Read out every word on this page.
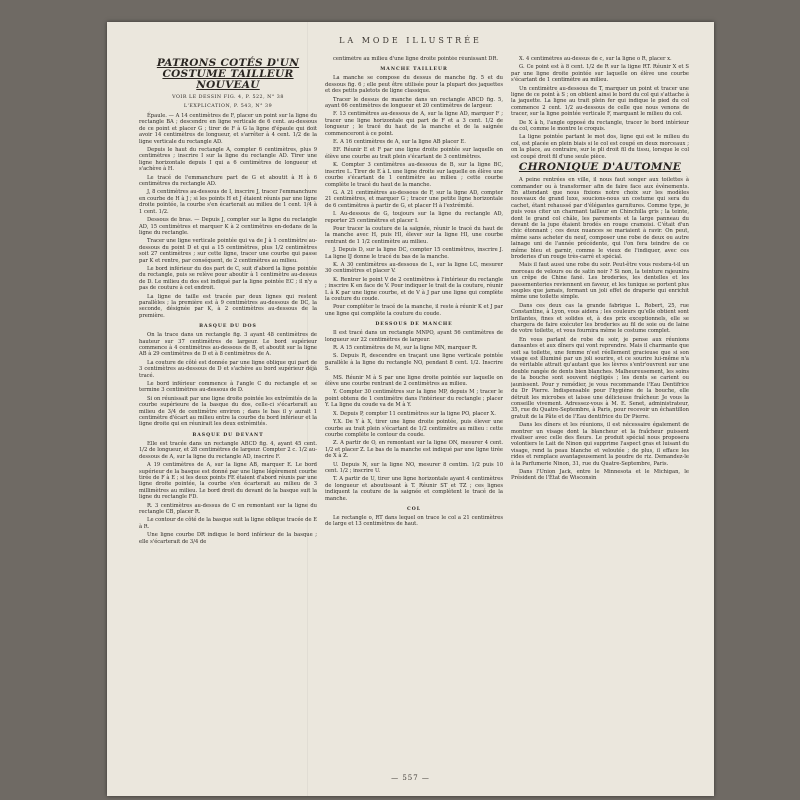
LA MODE ILLUSTRÉE
PATRONS COTÉS D'UN COSTUME TAILLEUR NOUVEAU
VOIR LE DESSIN FIG. 4, P. 522, N° 38
L'EXPLICATION, P. 543, N° 39

Épaule. — A 14 centimètres de F, placer un point sur la ligne du rectangle BA ; descendre en ligne verticale de 6 cent. au-dessous de ce point et placer G ; tirer de F à G la ligne d'épaule qui doit avoir 14 centimètres de longueur, et s'arrêter à 4 cent. 1/2 de la ligne verticale du rectangle AD.

Depuis le haut du rectangle A, compter 6 centimètres, plus 9 centimètres ; inscrire I sur la ligne du rectangle AD. Tirer une ligne horizontale depuis I qui a 6 centimètres de longueur et s'achève à H.

Le tracé de l'emmanchure part de G et aboutit à H à 6 centimètres du rectangle AD.

J, 8 centimètres au-dessous de I, inscrire J, tracer l'emmanchure en courbe de H à J ; si les points H et J étaient réunis par une ligne droite pointée, la courbe s'en écarterait au milieu de 1 cent. 1/4 à 1 cent. 1/2.

Dessous de bras. — Depuis J, compter sur la ligne du rectangle AD, 15 centimètres et marquer K à 2 centimètres en-dedans de la ligne du rectangle.

Tracer une ligne verticale pointée qui va de J à 1 centimètre au-dessous du point D et qui a 15 centimètres, plus 1/2 centimètres soit 27 centimètres ; sur cette ligne, tracer une courbe qui passe par K et rentre, par conséquent, de 2 centimètres au milieu.

Le bord inférieur du dos part de C, suit d'abord la ligne pointée du rectangle, puis se relève pour aboutir à 1 centimètre au-dessus de D. Le milieu du dos est indiqué par la ligne pointée EC ; il n'y a pas de couture à cet endroit.

La ligne de taille est tracée par deux lignes qui restent parallèles ; la première est à 9 centimètres au-dessous de DC, la seconde, désignée par K, à 2 centimètres au-dessous de la première.

BASQUE DU DOS

On la trace dans un rectangle fig. 3 ayant 48 centimètres de hauteur sur 37 centimètres de largeur. Le bord supérieur commence à 4 centimètres au-dessous de B, et aboutit sur la ligne AB à 29 centimètres de D et à 8 centimètres de A.

La couture de côté est donnée par une ligne oblique qui part de 3 centimètres au-dessous de D et s'achève au bord supérieur déjà tracé.

Le bord inférieur commence à l'angle C du rectangle et se termine 3 centimètres au-dessous de D.

Si on réunissait par une ligne droite pointée les extrémités de la courbe supérieure de la basque du dos, celle-ci s'écarterait au milieu de 3/4 de centimètre environ ; dans le bas il y aurait 1 centimètre d'écart au milieu entre la courbe du bord inférieur et la ligne droite qui en réunirait les deux extrémités.

BASQUE DU DEVANT

Elle est tracée dans un rectangle ABCD fig. 4, ayant 45 cent. 1/2 de longueur, et 28 centimètres de largeur. Compter 2 c. 1/2 au-dessous de A, sur la ligne du rectangle AD, inscrire F.

A 19 centimètres de A, sur la ligne AB, marquer E. Le bord supérieur de la basque est donné par une ligne légèrement courbe tirée de F à E ; si les deux points FE étaient d'abord réunis par une ligne droite pointée, la courbe s'en écarterait au milieu de 3 millimètres au milieu. Le bord droit du devant de la basque suit la ligne du rectangle FD.

R. 3 centimètres au-dessus de C en remontant sur la ligne du rectangle CB, placer R.

Le contour de côté de la basque suit la ligne oblique tracée de E à R.

Une ligne courbe DR indique le bord inférieur de la basque ; elle s'écarterait de 3/4 de

centimètre au milieu d'une ligne droite pointée réunissant DR.

MANCHE TAILLEUR

La manche se compose du dessus de manche fig. 5 et du dessous fig. 6 ; elle peut être utilisée pour la plupart des jaquettes et des petits paletots de ligne classique.

Tracer le dessus de manche dans un rectangle ABCD fig. 5, ayant 66 centimètres de longueur et 20 centimètres de largeur.

F. 13 centimètres au-dessous de A, sur la ligne AD, marquer F ; tracer une ligne horizontale qui part de F et a 3 cent. 1/2 de longueur ; le tracé du haut de la manche et de la saignée commenceront à ce point.

E. A 16 centimètres de A, sur la ligne AB placer E.

EF. Réunir E et F par une ligne droite pointée sur laquelle on élève une courbe au trait plein s'écartant de 3 centimètres.

K. Compter 3 centimètres au-dessous de B, sur la ligne BC, inscrire L. Tirer de E à L une ligne droite sur laquelle on élève une courbe s'écartant de 1 centimètre au milieu ; cette courbe complète le tracé du haut de la manche.

G. A 21 centimètres au-dessous de F, sur la ligne AD, compter 21 centimètres, et marquer G ; tracer une petite ligne horizontale de 6 centimètres à partir de G, et placer H à l'extrémité.

I. Au-dessous de G, toujours sur la ligne du rectangle AD, reporter 25 centimètres et placer I.

Pour tracer la couture de la saignée, réunir le tracé du haut de la manche avec H, puis HI, élever sur la ligne HI, une courbe rentrant de 1 1/2 centimètre au milieu.

J. Depuis D, sur la ligne DC, compter 15 centimètres, inscrire J. La ligne IJ donne le tracé du bas de la manche.

K. A 30 centimètres au-dessous de L, sur la ligne LC, mesurer 30 centimètres et placer V.

K. Rentrer le point V de 2 centimètres à l'intérieur du rectangle ; inscrire K en face de V. Pour indiquer le trait de la couture, réunir L à K par une ligne courbe, et de V à J par une ligne qui complète la couture du coude.

Pour compléter le tracé de la manche, il reste à réunir K et J par une ligne qui complète la couture du coude.

DESSOUS DE MANCHE

Il est tracé dans un rectangle MNPO, ayant 56 centimètres de longueur sur 22 centimètres de largeur.

R. A 15 centimètres de M, sur la ligne MN, marquer R.

S. Depuis R, descendre en traçant une ligne verticale pointée parallèle à la ligne du rectangle NO, pendant 8 cent. 1/2. Inscrire S.

MS. Réunir M à S par une ligne droite pointée sur laquelle on élève une courbe rentrant de 2 centimètres au milieu.

Y. Compter 30 centimètres sur la ligne MP, depuis M ; tracer le point obtenu de 1 centimètre dans l'intérieur du rectangle ; placer Y. La ligne du coude va de M à Y.

X. Depuis P, compter 11 centimètres sur la ligne PO, placer X.

Y.X. De Y à X, tirer une ligne droite pointée, puis élever une courbe au trait plein s'écartant de 1/2 centimètre au milieu : cette courbe complète le contour du coude.

Z. A partir de O, en remontant sur la ligne ON, mesurer 4 cent. 1/2 et placer Z. Le bas de la manche est indiqué par une ligne tirée de X à Z.

U. Depuis N, sur la ligne NO, mesurer 8 centim. 1/2 puis 10 cent. 1/2 ; inscrire U.

T. A partir de U, tirer une ligne horizontale ayant 4 centimètres de longueur et aboutissant à T. Réunir ST et TZ ; ces lignes indiquent la couture de la saignée et complètent le tracé de la manche.

COL

Le rectangle o, RT dans lequel on trace le col a 21 centimètres de large et 13 centimètres de haut.

X. 4 centimètres au-dessus de c, sur la ligne o R, placer x.

G. Ce point est à 8 cent. 1/2 de R sur la ligne RT. Réunir X et S par une ligne droite pointée sur laquelle on élève une courbe s'écartant de 1 centimètre au milieu.

Un centimètre au-dessous de T, marquer un point et tracer une ligne de ce point à S ; on obtient ainsi le bord du col qui s'attache à la jaquette. La ligne au trait plein fer qui indique le pied du col commence 2 cent. 1/2 au-dessous de celle que nous venons de tracer, sur la ligne pointée verticale F, marquant le milieu du col.

De X à h, l'angle opposé du rectangle, tracer le bord intérieur du col, comme le montre le croquis.

La ligne pointée partant le mot dos, ligne qui est le milieu du col, est placée en plein biais si le col est coupé en deux morceaux ; on la place, au contraire, sur le pli droit fil du tissu, lorsque le col est coupé droit fil d'une seule pièce.

CHRONIQUE D'AUTOMNE

A peine rentrées en ville, il nous faut songer aux toilettes à commander ou à transformer afin de faire face aux événements. En attendant que nous fixions notre choix sur les modèles nouveaux de grand luxe, soucions-nous un costume qui sera du cachet, étant rehaussé par d'élégantes garnitures. Comme type, je puis vous citer un charmant tailleur en Chinchilla gris ; la teinte, dont le grand col châle, les parements et la large panneau du devant de la jupe étaient brodés en rouge cramoisi. C'était d'un chic étonnant ; ces deux nuances se mariaient à ravir. On peut, même sans acheter du neuf, composer une robe de deux ou autre lainage uni de l'année précédente, qui l'on fera teindre de ce même bleu et garnir, comme le vieux de l'indiquer, avec ces broderies d'un rouge très-carré et spécial.

Mais il faut aussi une robe du soir. Peut-être vous restera-t-il un morceau de velours ou de satin noir ? Si non, la teinture rajeunira un crêpe de Chine fané. Les broderies, les dentelles et les passementeries reviennent en faveur, et les tunique se portent plus souples que jamais, formant un joli effet de draperie qui enrichit même une toilette simple.

Dans ces deux cas la grande fabrique L. Robert, 25, rue Constantine, à Lyon, vous aidera ; les couleurs qu'elle obtient sont brillantes, fines et solides et, à des prix exceptionnels, elle se chargera de faire exécuter les broderies au fil de soie ou de laine de votre toilette, et vous fournira même le costume complet.

En vous parlant de robe du soir, je pense aux réunions dansantes et aux dîners qui vont reprendre. Mais il charmante que soit sa toilette, une femme n'est réellement gracieuse que si son visage est illuminé par un joli sourire, et ce sourire lui-même n'a de véritable attrait qu'autant que les lèvres s'entr'ouvrent sur une double rangée de dents bien blanches. Malheureusement, les soins de la bouche sont souvent négligés ; les dents se carient ou jaunissent. Pour y remédier, je vous recommande l'Eau Dentifrice du Dr Pierre. Indispensable pour l'hygiène de la bouche, elle détruit les microbes et laisse une délicieuse fraîcheur. Je vous la conseille vivement. Adressez-vous à M. E. Senet, administrateur, 35, rue du Quatre-Septembre, à Paris, pour recevoir un échantillon gratuit de la Pâte et de l'Eau dentifrice du Dr Pierre.

Dans les dîners et les réunions, il est nécessaire également de montrer un visage dont la blancheur et la fraîcheur puissent rivaliser avec celle des fleurs. Le produit spécial nous proposera volontiers le Lait de Ninon qui supprime l'aspect gras et luisant du visage, rend la peau blanche et veloutée ; de plus, il efface les rides et remplace avantageusement la poudre de riz. Demandez-le à la Parfumerie Ninon, 31, rue du Quatre-Septembre, Paris.

Dans l'Union Jack, entre le Minnesota et le Michigan, le Président de l'État de Wisconsin

— 557 —
